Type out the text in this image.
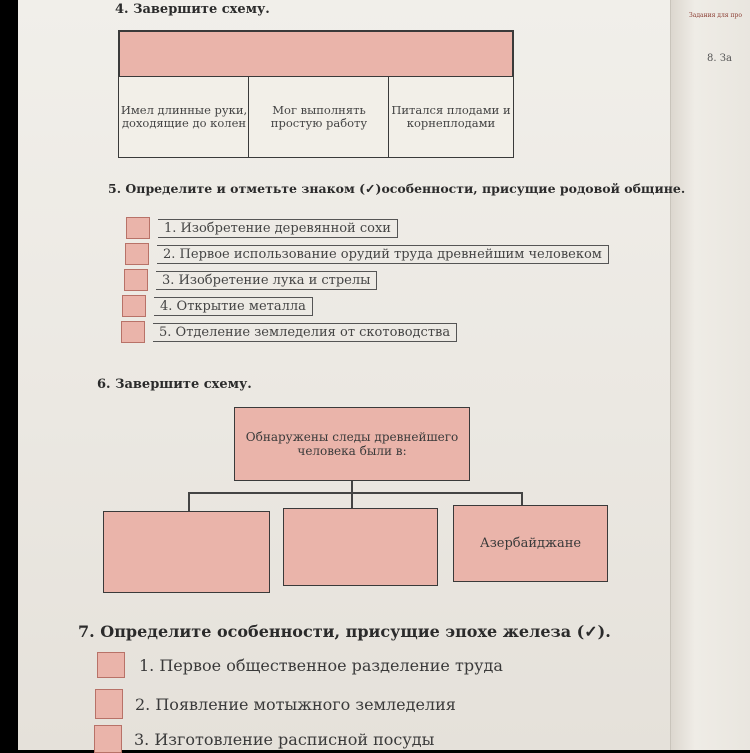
Задания для про
8. За
4. Завершите схему.
Имел длинные руки, доходящие до колен
Мог выполнять простую работу
Питался плодами и корнеплодами
5. Определите и отметьте знаком (✓)особенности, присущие родовой общине.
1. Изобретение деревянной сохи
2. Первое использование орудий труда древнейшим человеком
3. Изобретение лука и стрелы
4. Открытие металла
5. Отделение земледелия от скотоводства
6. Завершите схему.
Обнаружены следы древнейшего человека были в:
Азербайджане
7. Определите особенности, присущие эпохе железа (✓).
1. Первое общественное разделение труда
2. Появление мотыжного земледелия
3. Изготовление расписной посуды
